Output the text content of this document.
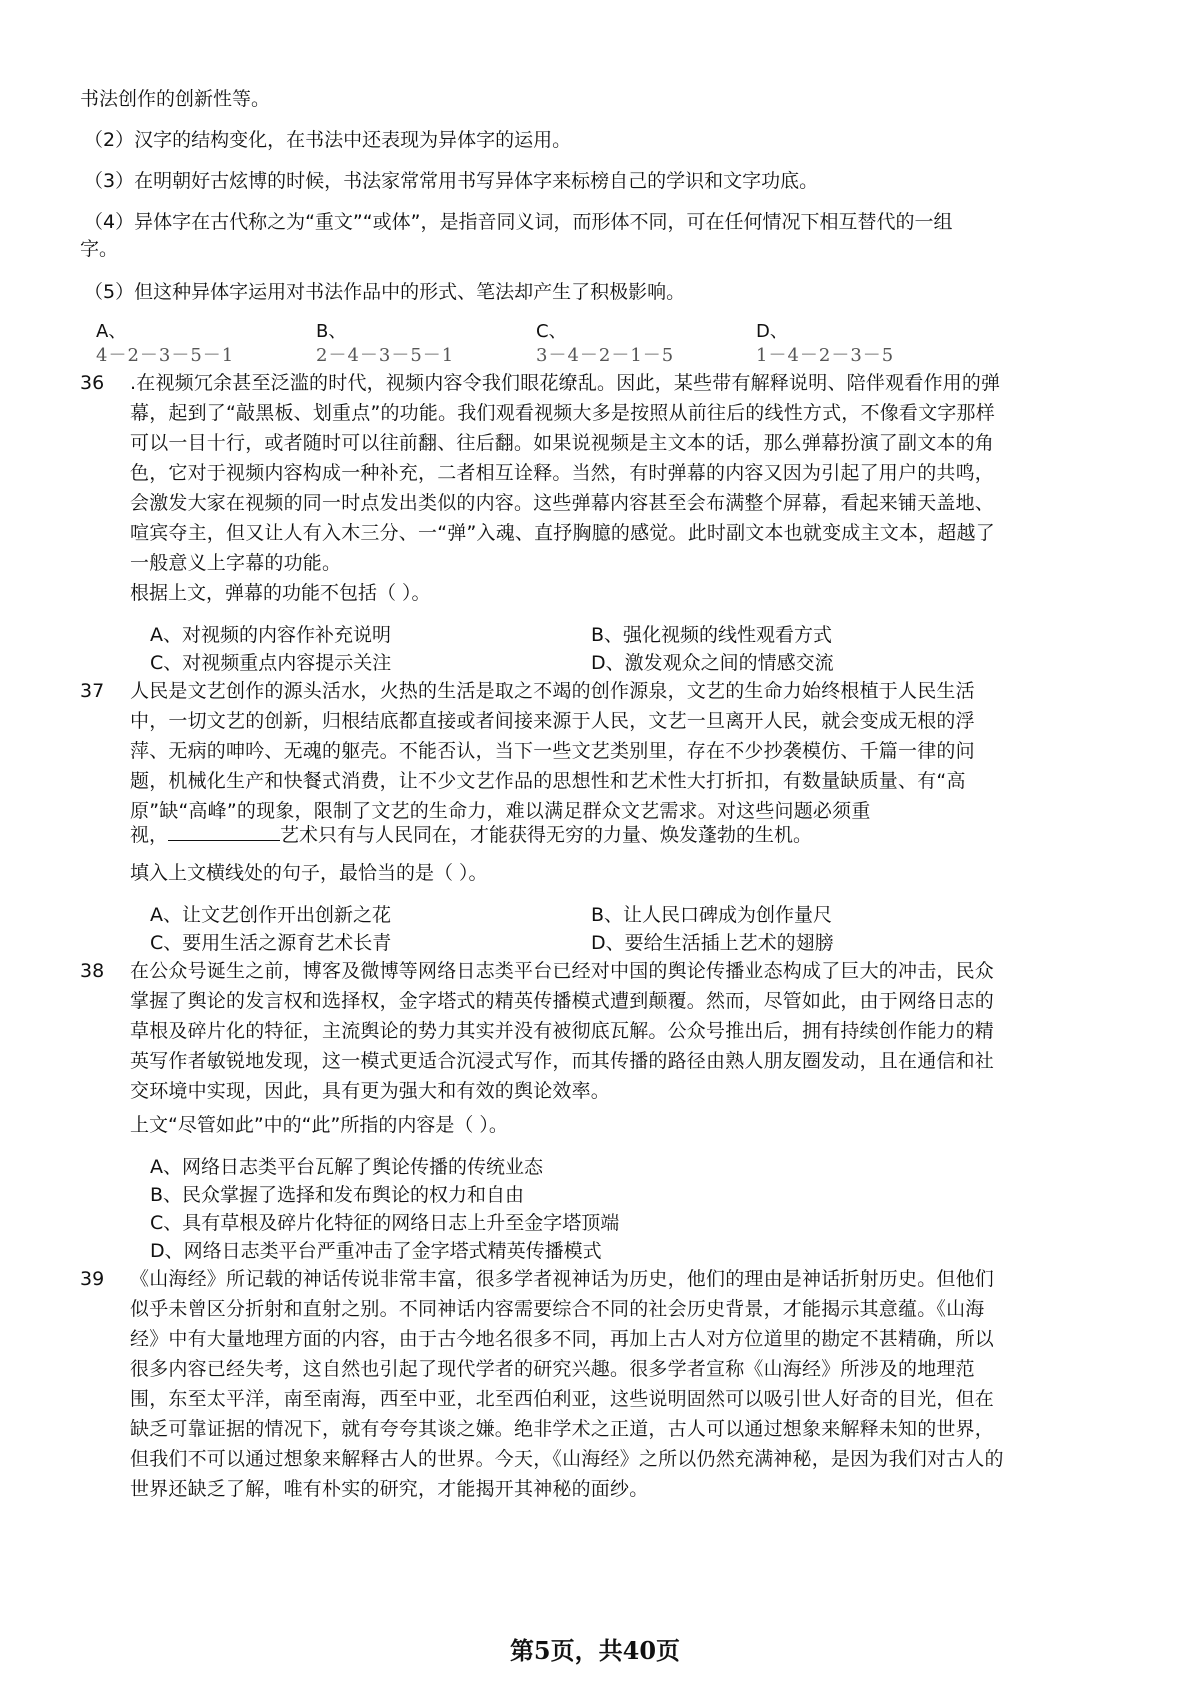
书法创作的创新性等。
（2）汉字的结构变化，在书法中还表现为异体字的运用。
（3）在明朝好古炫博的时候，书法家常常用书写异体字来标榜自己的学识和文字功底。
（4）异体字在古代称之为“重文”“或体”，是指音同义词，而形体不同，可在任何情况下相互替代的一组
字。
（5）但这种异体字运用对书法作品中的形式、笔法却产生了积极影响。
A、
4－2－3－5－1
B、
2－4－3－5－1
C、
3－4－2－1－5
D、
1－4－2－3－5
36 .在视频冗余甚至泛滥的时代，视频内容令我们眼花缭乱。因此，某些带有解释说明、陪伴观看作用的弹幕，起到了“敲黑板、划重点”的功能。我们观看视频大多是按照从前往后的线性方式，不像看文字那样可以一目十行，或者随时可以往前翻、往后翻。如果说视频是主文本的话，那么弹幕扮演了副文本的角色，它对于视频内容构成一种补充，二者相互诠释。当然，有时弹幕的内容又因为引起了用户的共鸣，会激发大家在视频的同一时点发出类似的内容。这些弹幕内容甚至会布满整个屏幕，看起来铺天盖地、喧宾夺主，但又让人有入木三分、一“弹”入魂、直抒胸臆的感觉。此时副文本也就变成主文本，超越了一般意义上字幕的功能。
根据上文，弹幕的功能不包括（ ）。
A、对视频的内容作补充说明	B、强化视频的线性观看方式
C、对视频重点内容提示关注	D、激发观众之间的情感交流
37 人民是文艺创作的源头活水，火热的生活是取之不竭的创作源泉，文艺的生命力始终根植于人民生活中，一切文艺的创新，归根结底都直接或者间接来源于人民，文艺一旦离开人民，就会变成无根的浮萍、无病的呻吟、无魂的躯壳。不能否认，当下一些文艺类别里，存在不少抄袭模仿、千篇一律的问题，机械化生产和快餐式消费，让不少文艺作品的思想性和艺术性大打折扣，有数量缺质量、有“高原”缺“高峰”的现象，限制了文艺的生命力，难以满足群众文艺需求。对这些问题必须重
视，	艺术只有与人民同在，才能获得无穷的力量、焕发蓬勃的生机。
填入上文横线处的句子，最恰当的是（ ）。
A、让文艺创作开出创新之花	B、让人民口碑成为创作量尺
C、要用生活之源育艺术长青	D、要给生活插上艺术的翅膀
38 在公众号诞生之前，博客及微博等网络日志类平台已经对中国的舆论传播业态构成了巨大的冲击，民众掌握了舆论的发言权和选择权，金字塔式的精英传播模式遭到颠覆。然而，尽管如此，由于网络日志的草根及碎片化的特征，主流舆论的势力其实并没有被彻底瓦解。公众号推出后，拥有持续创作能力的精英写作者敏锐地发现，这一模式更适合沉浸式写作，而其传播的路径由熟人朋友圈发动，且在通信和社交环境中实现，因此，具有更为强大和有效的舆论效率。
上文“尽管如此”中的“此”所指的内容是（ ）。
A、网络日志类平台瓦解了舆论传播的传统业态
B、民众掌握了选择和发布舆论的权力和自由
C、具有草根及碎片化特征的网络日志上升至金字塔顶端
D、网络日志类平台严重冲击了金字塔式精英传播模式
39 《山海经》所记载的神话传说非常丰富，很多学者视神话为历史，他们的理由是神话折射历史。但他们似乎未曾区分折射和直射之别。不同神话内容需要综合不同的社会历史背景，才能揭示其意蕴。《山海经》中有大量地理方面的内容，由于古今地名很多不同，再加上古人对方位道里的勘定不甚精确，所以很多内容已经失考，这自然也引起了现代学者的研究兴趣。很多学者宣称《山海经》所涉及的地理范围，东至太平洋，南至南海，西至中亚，北至西伯利亚，这些说明固然可以吸引世人好奇的目光，但在缺乏可靠证据的情况下，就有夸夸其谈之嫌。绝非学术之正道，古人可以通过想象来解释未知的世界，但我们不可以通过想象来解释古人的世界。今天，《山海经》之所以仍然充满神秘，是因为我们对古人的世界还缺乏了解，唯有朴实的研究，才能揭开其神秘的面纱。
第5页，共40页
